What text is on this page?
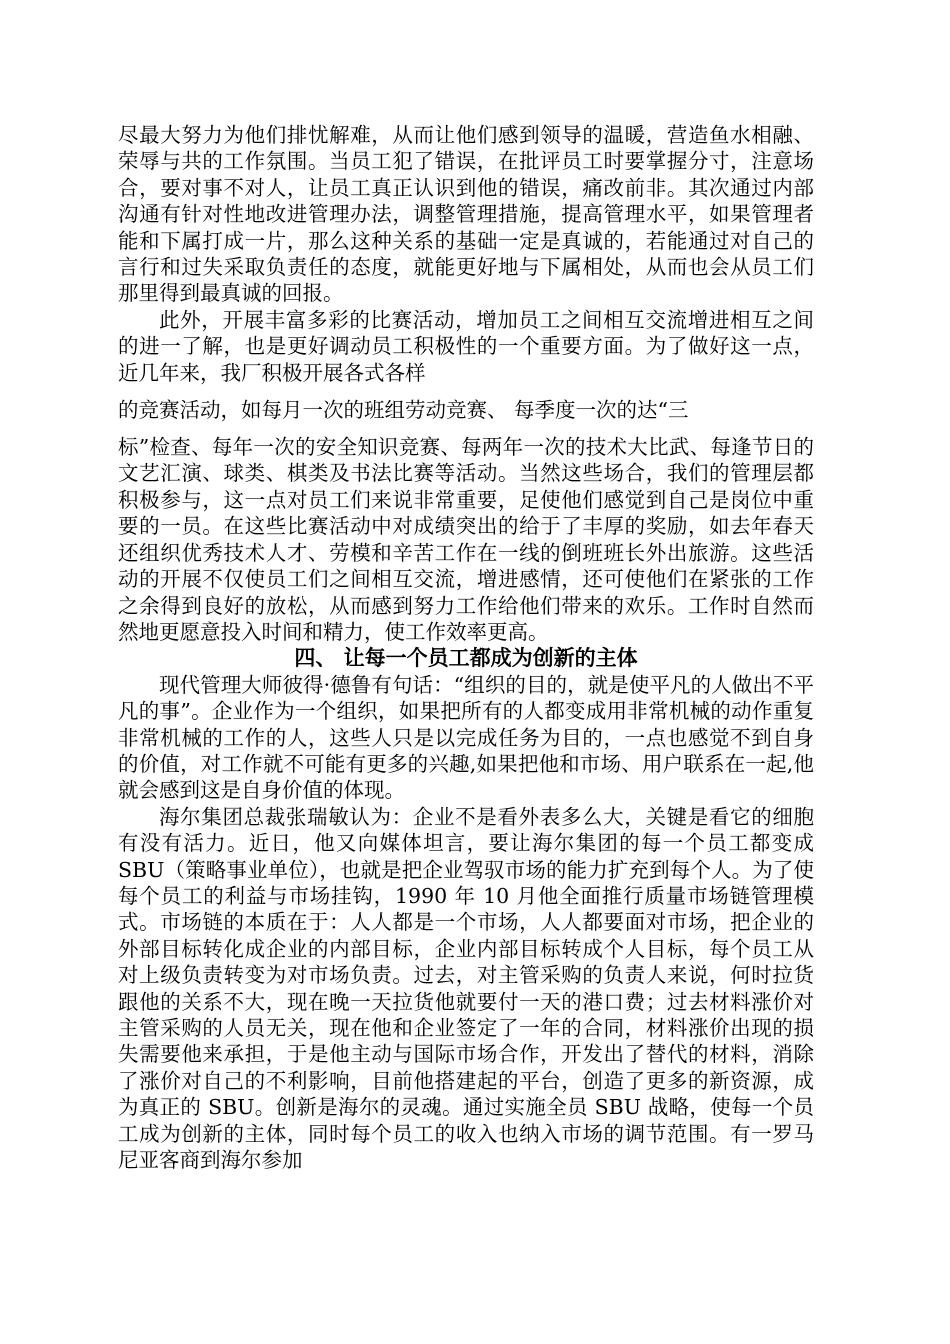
尽最大努力为他们排忧解难，从而让他们感到领导的温暖，营造鱼水相融、荣辱与共的工作氛围。当员工犯了错误，在批评员工时要掌握分寸，注意场合，要对事不对人，让员工真正认识到他的错误，痛改前非。其次通过内部沟通有针对性地改进管理办法，调整管理措施，提高管理水平，如果管理者能和下属打成一片，那么这种关系的基础一定是真诚的，若能通过对自己的言行和过失采取负责任的态度，就能更好地与下属相处，从而也会从员工们那里得到最真诚的回报。

此外，开展丰富多彩的比赛活动，增加员工之间相互交流增进相互之间的进一了解，也是更好调动员工积极性的一个重要方面。为了做好这一点，近几年来，我厂积极开展各式各样

的竞赛活动，如每月一次的班组劳动竞赛、 每季度一次的达“三

标”检查、每年一次的安全知识竞赛、每两年一次的技术大比武、每逢节日的文艺汇演、球类、棋类及书法比赛等活动。当然这些场合，我们的管理层都积极参与，这一点对员工们来说非常重要，足使他们感觉到自己是岗位中重要的一员。在这些比赛活动中对成绩突出的给于了丰厚的奖励，如去年春天还组织优秀技术人才、劳模和辛苦工作在一线的倒班班长外出旅游。这些活动的开展不仅使员工们之间相互交流，增进感情，还可使他们在紧张的工作之余得到良好的放松，从而感到努力工作给他们带来的欢乐。工作时自然而然地更愿意投入时间和精力，使工作效率更高。

四、 让每一个员工都成为创新的主体

现代管理大师彼得·德鲁有句话：“组织的目的，就是使平凡的人做出不平凡的事”。企业作为一个组织，如果把所有的人都变成用非常机械的动作重复非常机械的工作的人，这些人只是以完成任务为目的，一点也感觉不到自身的价值，对工作就不可能有更多的兴趣,如果把他和市场、用户联系在一起,他就会感到这是自身价值的体现。

海尔集团总裁张瑞敏认为：企业不是看外表多么大，关键是看它的细胞有没有活力。近日，他又向媒体坦言，要让海尔集团的每一个员工都变成 SBU（策略事业单位），也就是把企业驾驭市场的能力扩充到每个人。为了使每个员工的利益与市场挂钩，1990 年 10 月他全面推行质量市场链管理模式。市场链的本质在于：人人都是一个市场，人人都要面对市场，把企业的外部目标转化成企业的内部目标，企业内部目标转成个人目标，每个员工从对上级负责转变为对市场负责。过去，对主管采购的负责人来说，何时拉货跟他的关系不大，现在晚一天拉货他就要付一天的港口费；过去材料涨价对主管采购的人员无关，现在他和企业签定了一年的合同，材料涨价出现的损失需要他来承担，于是他主动与国际市场合作，开发出了替代的材料，消除了涨价对自己的不利影响，目前他搭建起的平台，创造了更多的新资源，成为真正的 SBU。创新是海尔的灵魂。通过实施全员 SBU 战略，使每一个员工成为创新的主体，同时每个员工的收入也纳入市场的调节范围。有一罗马尼亚客商到海尔参加
